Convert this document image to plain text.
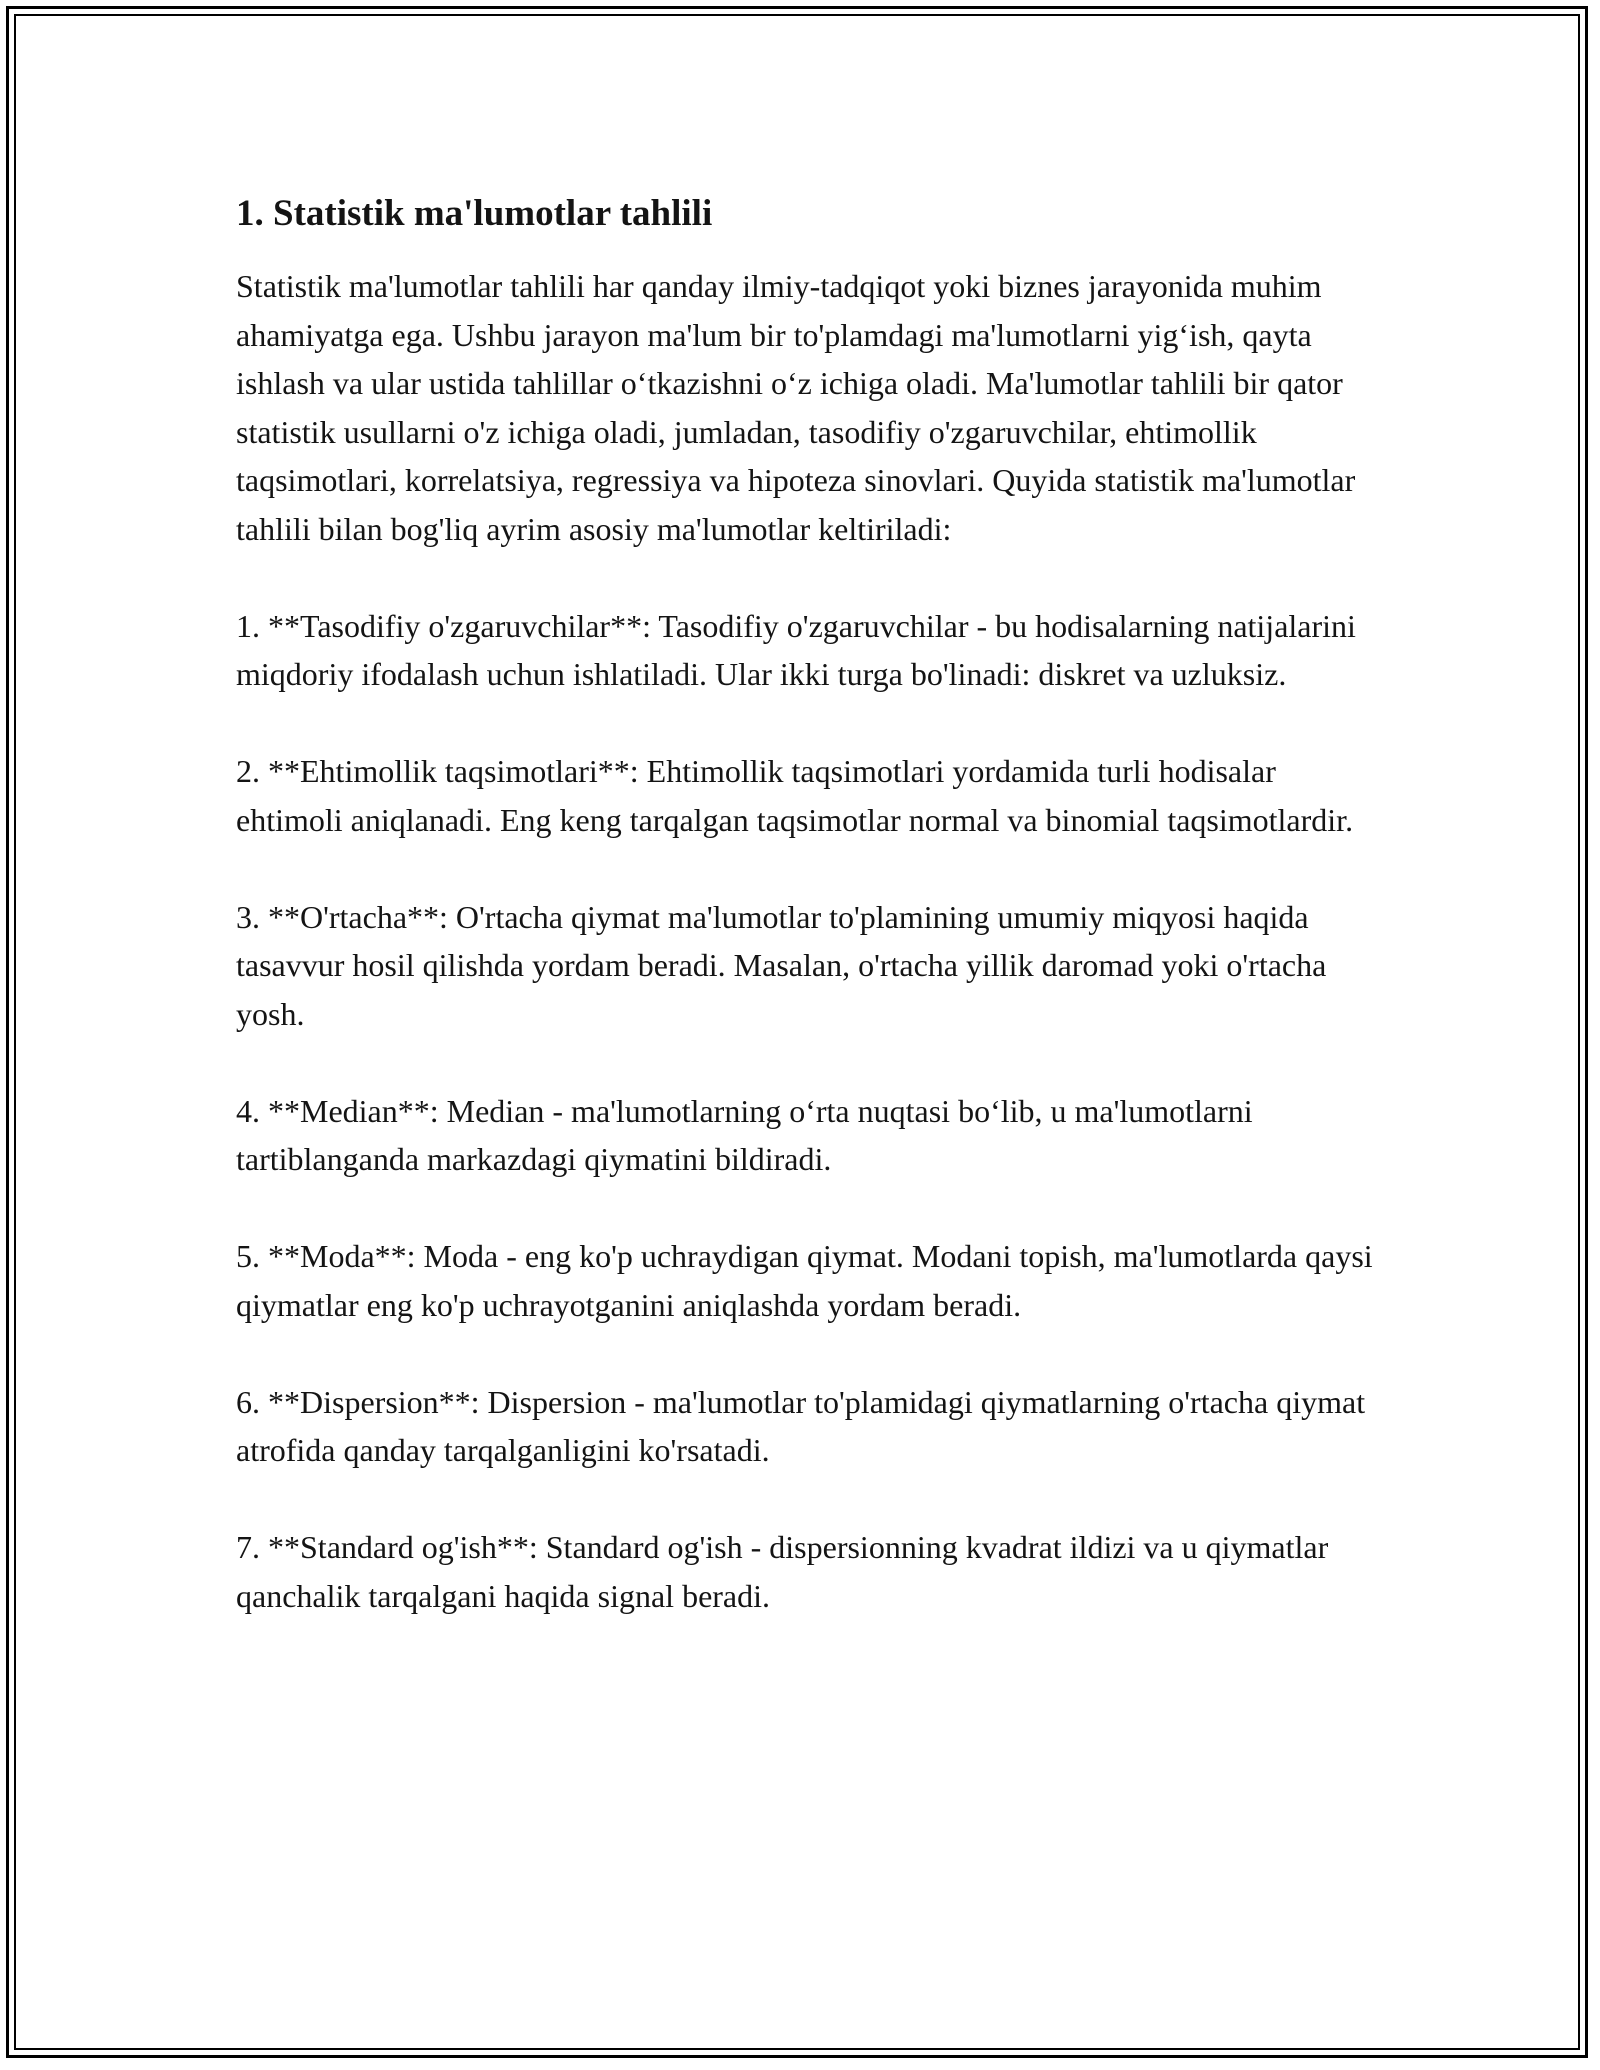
1. Statistik ma'lumotlar tahlili

Statistik ma'lumotlar tahlili har qanday ilmiy-tadqiqot yoki biznes jarayonida muhim ahamiyatga ega. Ushbu jarayon ma'lum bir to'plamdagi ma'lumotlarni yig‘ish, qayta ishlash va ular ustida tahlillar o‘tkazishni o‘z ichiga oladi. Ma'lumotlar tahlili bir qator statistik usullarni o'z ichiga oladi, jumladan, tasodifiy o'zgaruvchilar, ehtimollik taqsimotlari, korrelatsiya, regressiya va hipoteza sinovlari. Quyida statistik ma'lumotlar tahlili bilan bog'liq ayrim asosiy ma'lumotlar keltiriladi:

1. **Tasodifiy o'zgaruvchilar**: Tasodifiy o'zgaruvchilar - bu hodisalarning natijalarini miqdoriy ifodalash uchun ishlatiladi. Ular ikki turga bo'linadi: diskret va uzluksiz.

2. **Ehtimollik taqsimotlari**: Ehtimollik taqsimotlari yordamida turli hodisalar ehtimoli aniqlanadi. Eng keng tarqalgan taqsimotlar normal va binomial taqsimotlardir.

3. **O'rtacha**: O'rtacha qiymat ma'lumotlar to'plamining umumiy miqyosi haqida tasavvur hosil qilishda yordam beradi. Masalan, o'rtacha yillik daromad yoki o'rtacha yosh.

4. **Median**: Median - ma'lumotlarning o‘rta nuqtasi bo‘lib, u ma'lumotlarni tartiblanganda markazdagi qiymatini bildiradi.

5. **Moda**: Moda - eng ko'p uchraydigan qiymat. Modani topish, ma'lumotlarda qaysi qiymatlar eng ko'p uchrayotganini aniqlashda yordam beradi.

6. **Dispersion**: Dispersion - ma'lumotlar to'plamidagi qiymatlarning o'rtacha qiymat atrofida qanday tarqalganligini ko'rsatadi.

7. **Standard og'ish**: Standard og'ish - dispersionning kvadrat ildizi va u qiymatlar qanchalik tarqalgani haqida signal beradi.
